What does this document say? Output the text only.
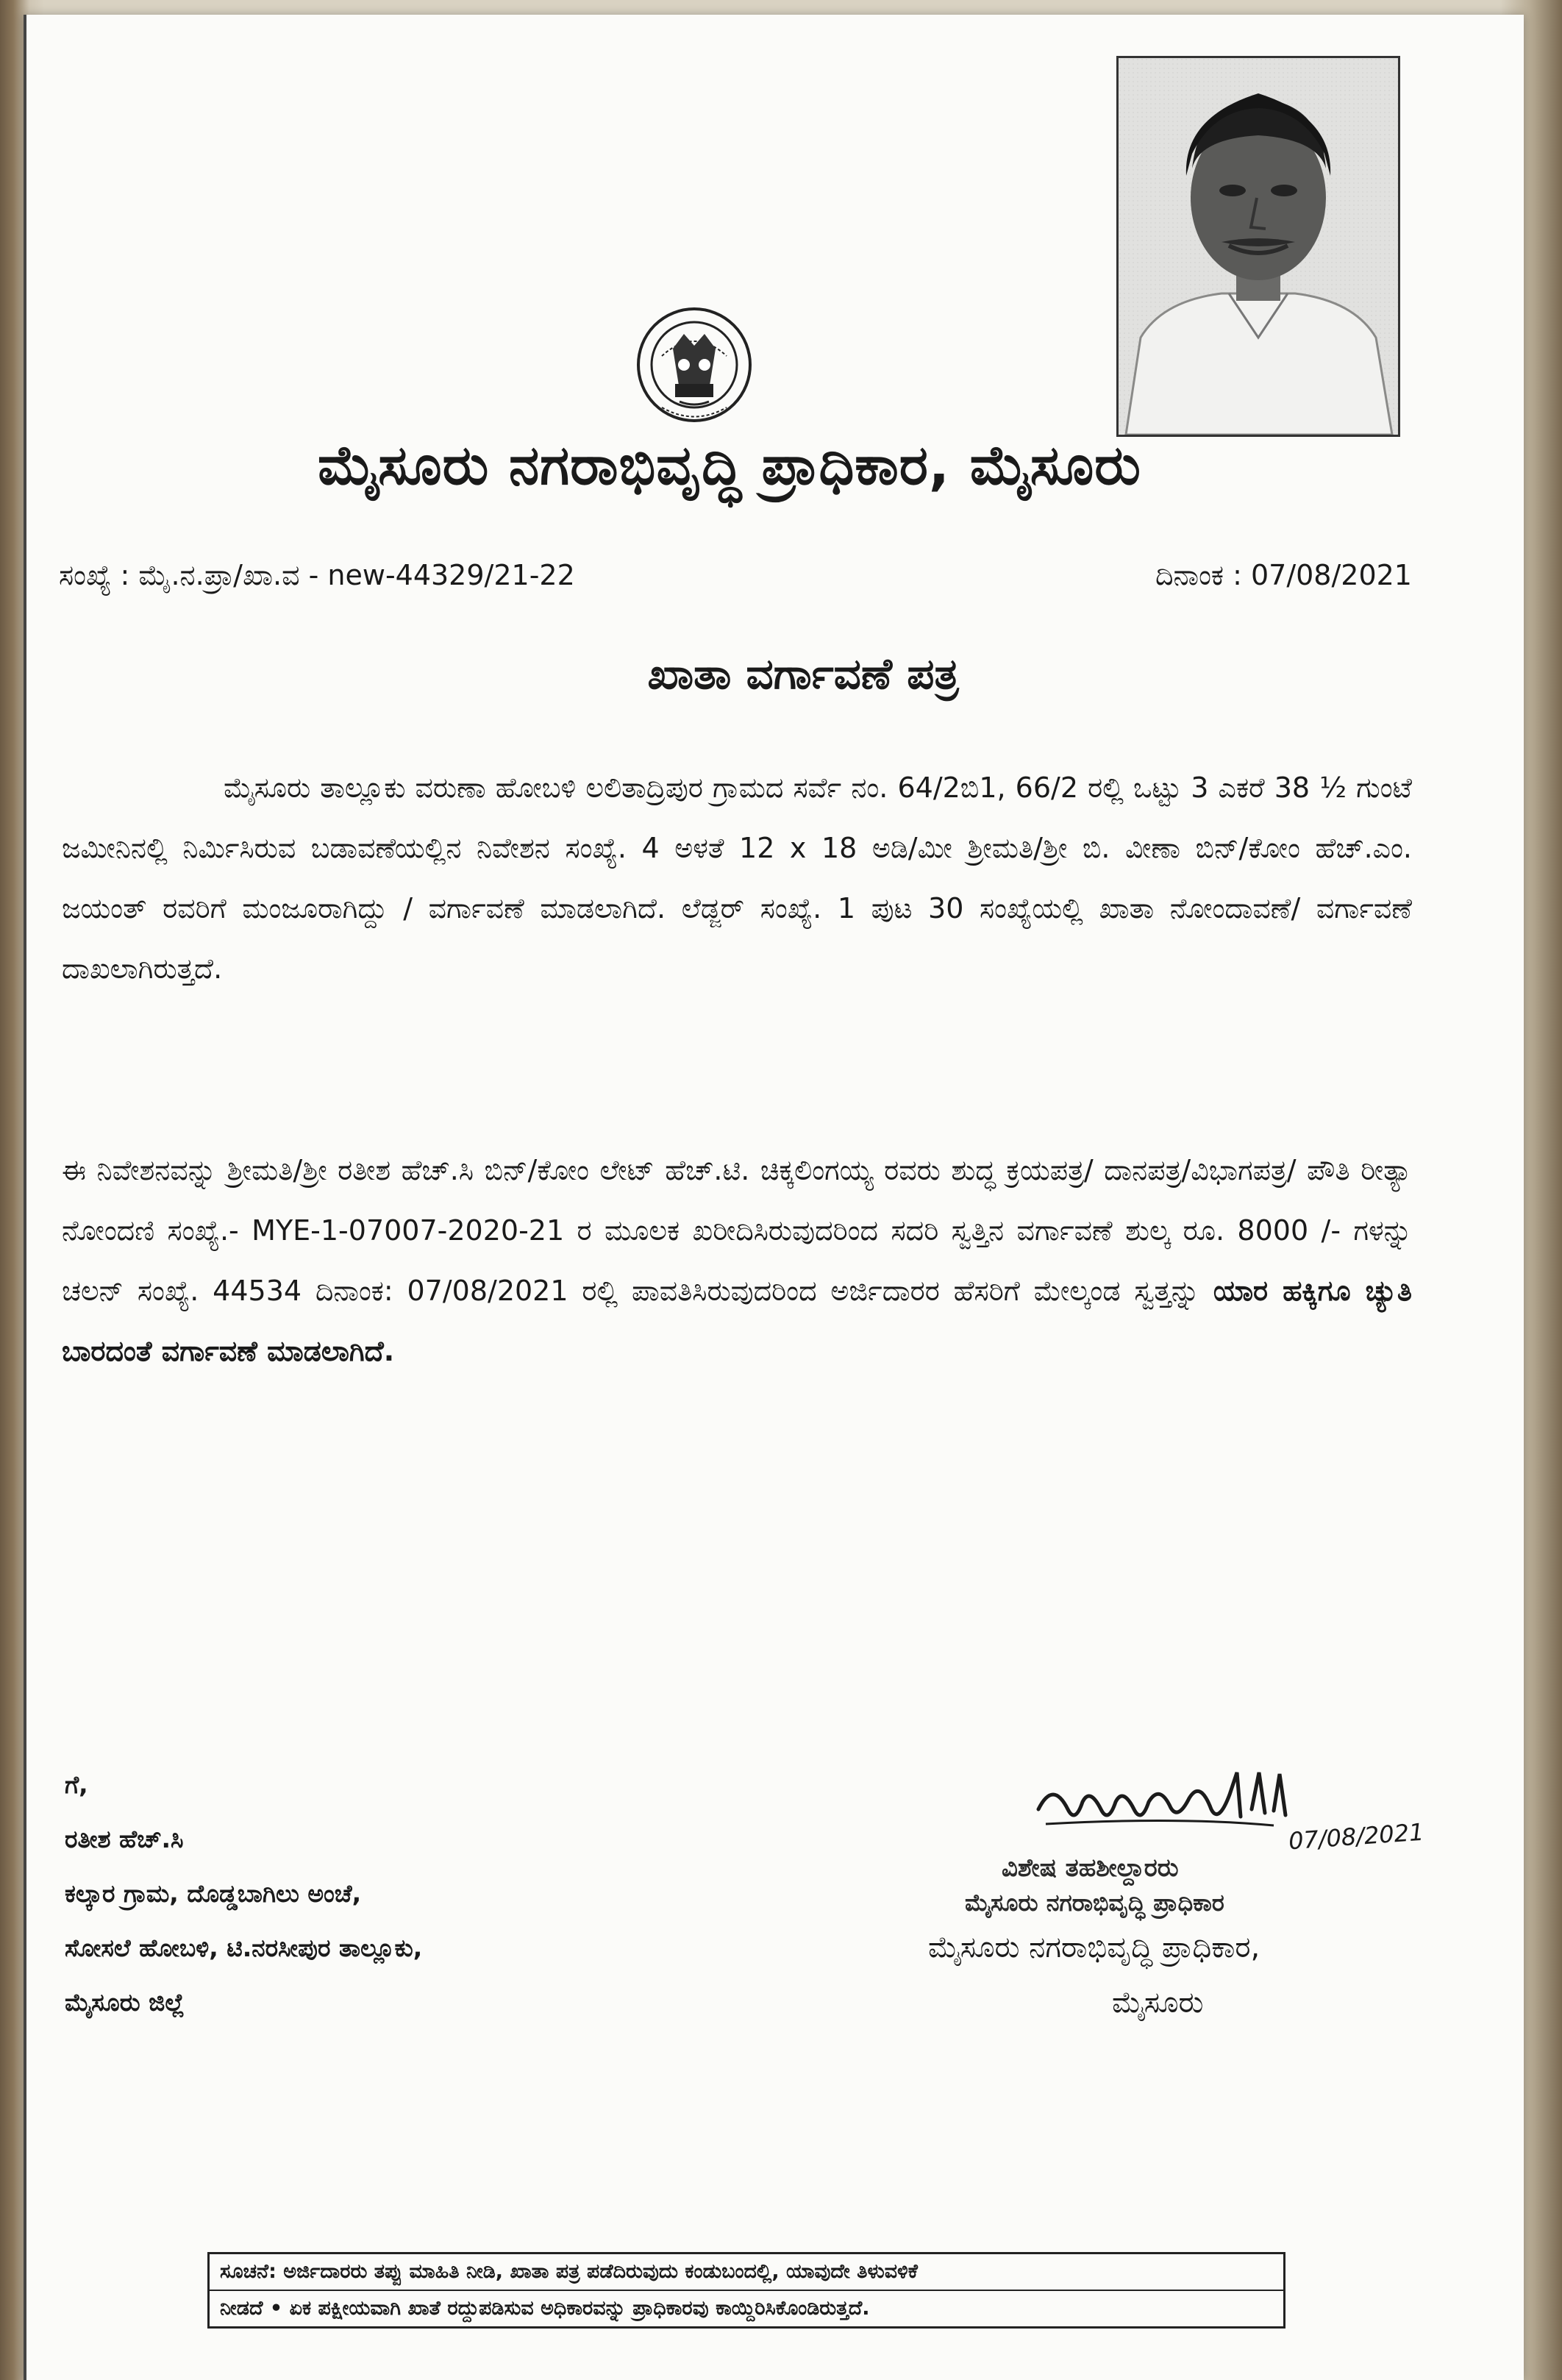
ಮೈಸೂರು ನಗರಾಭಿವೃದ್ಧಿ ಪ್ರಾಧಿಕಾರ, ಮೈಸೂರು
ಸಂಖ್ಯೆ : ಮೈ.ನ.ಪ್ರಾ/ಖಾ.ವ - new-44329/21-22	ದಿನಾಂಕ : 07/08/2021
ಖಾತಾ ವರ್ಗಾವಣೆ ಪತ್ರ
ಮೈಸೂರು ತಾಲ್ಲೂಕು ವರುಣಾ ಹೋಬಳಿ ಲಲಿತಾದ್ರಿಪುರ ಗ್ರಾಮದ ಸರ್ವೆ ನಂ. 64/2ಬಿ1, 66/2 ರಲ್ಲಿ ಒಟ್ಟು 3 ಎಕರೆ 38 ½ ಗುಂಟೆ ಜಮೀನಿನಲ್ಲಿ ನಿರ್ಮಿಸಿರುವ ಬಡಾವಣೆಯಲ್ಲಿನ ನಿವೇಶನ ಸಂಖ್ಯೆ. 4 ಅಳತೆ 12 x 18 ಅಡಿ/ಮೀ ಶ್ರೀಮತಿ/ಶ್ರೀ ಬಿ. ವೀಣಾ ಬಿನ್/ಕೋಂ ಹೆಚ್.ಎಂ. ಜಯಂತ್ ರವರಿಗೆ ಮಂಜೂರಾಗಿದ್ದು / ವರ್ಗಾವಣೆ ಮಾಡಲಾಗಿದೆ. ಲೆಡ್ಜರ್ ಸಂಖ್ಯೆ. 1 ಪುಟ 30 ಸಂಖ್ಯೆಯಲ್ಲಿ ಖಾತಾ ನೋಂದಾವಣೆ/ ವರ್ಗಾವಣೆ ದಾಖಲಾಗಿರುತ್ತದೆ.
ಈ ನಿವೇಶನವನ್ನು ಶ್ರೀಮತಿ/ಶ್ರೀ ರತೀಶ ಹೆಚ್.ಸಿ ಬಿನ್/ಕೋಂ ಲೇಟ್ ಹೆಚ್.ಟಿ. ಚಿಕ್ಕಲಿಂಗಯ್ಯ ರವರು ಶುದ್ಧ ಕ್ರಯಪತ್ರ/ ದಾನಪತ್ರ/ವಿಭಾಗಪತ್ರ/ ಪೌತಿ ರೀತ್ಯಾ ನೋಂದಣಿ ಸಂಖ್ಯೆ.- MYE-1-07007-2020-21 ರ ಮೂಲಕ ಖರೀದಿಸಿರುವುದರಿಂದ ಸದರಿ ಸ್ವತ್ತಿನ ವರ್ಗಾವಣೆ ಶುಲ್ಕ ರೂ. 8000 /- ಗಳನ್ನು ಚಲನ್ ಸಂಖ್ಯೆ. 44534 ದಿನಾಂಕ: 07/08/2021 ರಲ್ಲಿ ಪಾವತಿಸಿರುವುದರಿಂದ ಅರ್ಜಿದಾರರ ಹೆಸರಿಗೆ ಮೇಲ್ಕಂಡ ಸ್ವತ್ತನ್ನು ಯಾರ ಹಕ್ಕಿಗೂ ಚ್ಯುತಿ ಬಾರದಂತೆ ವರ್ಗಾವಣೆ ಮಾಡಲಾಗಿದೆ.
ಗೆ,
ರತೀಶ ಹೆಚ್.ಸಿ
ಕಲ್ಕಾರ ಗ್ರಾಮ, ದೊಡ್ಡಬಾಗಿಲು ಅಂಚೆ,
ಸೋಸಲೆ ಹೋಬಳಿ, ಟಿ.ನರಸೀಪುರ ತಾಲ್ಲೂಕು,
ಮೈಸೂರು ಜಿಲ್ಲೆ
07/08/2021
ವಿಶೇಷ ತಹಶೀಲ್ದಾರರು
ಮೈಸೂರು ನಗರಾಭಿವೃದ್ಧಿ ಪ್ರಾಧಿಕಾರ
ಮೈಸೂರು ನಗರಾಭಿವೃದ್ಧಿ ಪ್ರಾಧಿಕಾರ,
ಮೈಸೂರು
ಸೂಚನೆ: ಅರ್ಜಿದಾರರು ತಪ್ಪು ಮಾಹಿತಿ ನೀಡಿ, ಖಾತಾ ಪತ್ರ ಪಡೆದಿರುವುದು ಕಂಡುಬಂದಲ್ಲಿ, ಯಾವುದೇ ತಿಳುವಳಿಕೆ
ನೀಡದೆ • ಏಕ ಪಕ್ಷೀಯವಾಗಿ ಖಾತೆ ರದ್ದುಪಡಿಸುವ ಅಧಿಕಾರವನ್ನು ಪ್ರಾಧಿಕಾರವು ಕಾಯ್ದಿರಿಸಿಕೊಂಡಿರುತ್ತದೆ.
